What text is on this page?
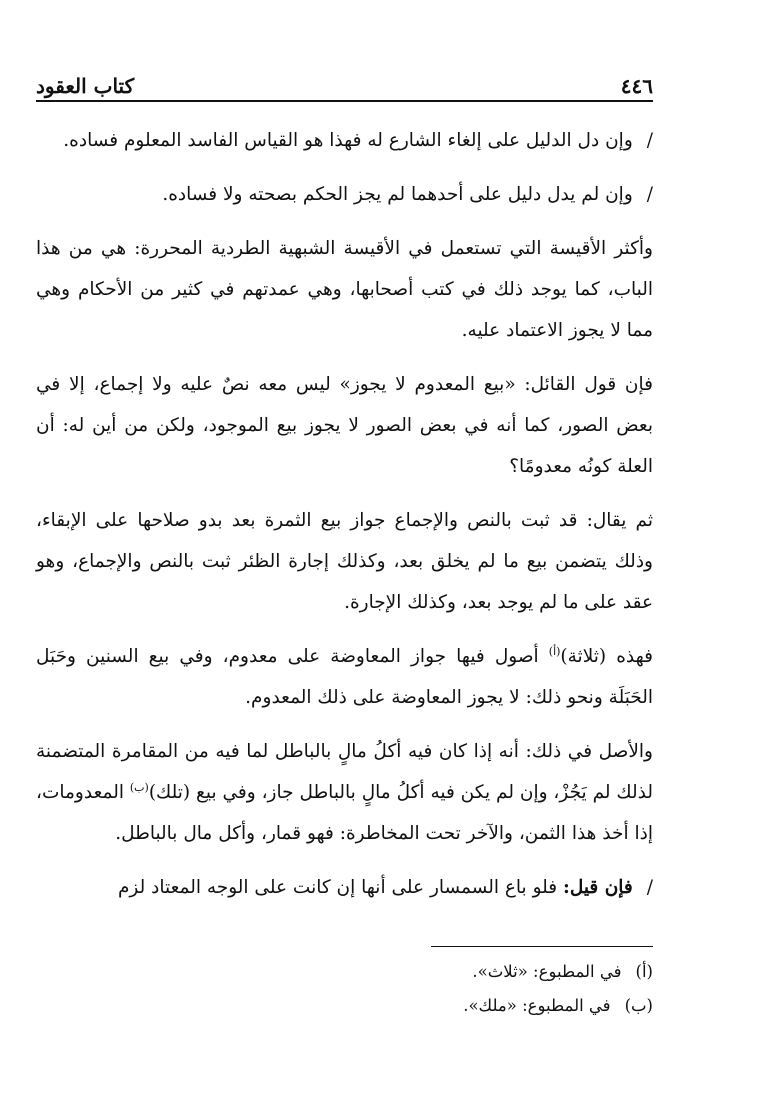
٤٤٦
كتاب العقود

/وإن دل الدليل على إلغاء الشارع له فهذا هو القياس الفاسد المعلوم فساده.

/وإن لم يدل دليل على أحدهما لم يجز الحكم بصحته ولا فساده.

وأكثر الأقيسة التي تستعمل في الأقيسة الشبهية الطردية المحررة: هي من هذا الباب، كما يوجد ذلك في كتب أصحابها، وهي عمدتهم في كثير من الأحكام وهي مما لا يجوز الاعتماد عليه.

فإن قول القائل: «بيع المعدوم لا يجوز» ليس معه نصٌ عليه ولا إجماع، إلا في بعض الصور، كما أنه في بعض الصور لا يجوز بيع الموجود، ولكن من أين له: أن العلة كونُه معدومًا؟

ثم يقال: قد ثبت بالنص والإجماع جواز بيع الثمرة بعد بدو صلاحها على الإبقاء، وذلك يتضمن بيع ما لم يخلق بعد، وكذلك إجارة الظئر ثبت بالنص والإجماع، وهو عقد على ما لم يوجد بعد، وكذلك الإجارة.

فهذه (ثلاثة)$^{(أ)}$ أصول فيها جواز المعاوضة على معدوم، وفي بيع السنين وحَبَل الحَبَلَة ونحو ذلك: لا يجوز المعاوضة على ذلك المعدوم.

والأصل في ذلك: أنه إذا كان فيه أكلُ مالٍ بالباطل لما فيه من المقامرة المتضمنة لذلك لم يَجُزْ، وإن لم يكن فيه أكلُ مالٍ بالباطل جاز، وفي بيع (تلك)$^{(ب)}$ المعدومات، إذا أخذ هذا الثمن، والآخر تحت المخاطرة: فهو قمار، وأكل مال بالباطل.

/فإن قيل: فلو باع السمسار على أنها إن كانت على الوجه المعتاد لزم

(أ)
في المطبوع: «ثلاث».
(ب)
في المطبوع: «ملك».
